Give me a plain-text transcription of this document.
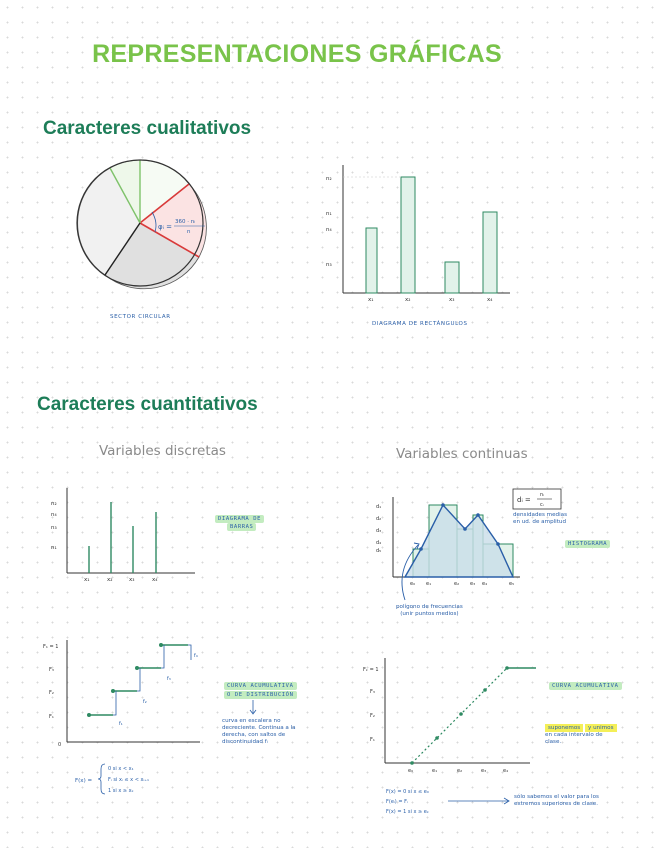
REPRESENTACIONES GRÁFICAS
Caracteres cualitativos
Caracteres cuantitativos
Variables discretas	Variables continuas
φᵢ =
360 · nᵢ
n
SECTOR CIRCULAR
n₂
n₁
n₄
n₃
x₁	x₂	x₃	x₄
DIAGRAMA DE RECTÁNGULOS
n₂
n₄
n₃
n₁
x₁	x₂	x₃	x₄
DIAGRAMA DE
BARRAS
d₁
d₂
d₃
d₄
d₅
e₀ e₁	e₂ e₃ e₄	e₅
dᵢ =
nᵢ
cᵢ
densidades medias
en ud. de amplitud
HISTOGRAMA
polígono de frecuencias
(unir puntos medios)
F₁ = 1
F₃
F₂
F₁
0
f₁
f₂
f₃
f₄
F(x) =
0 si x < x₁
Fᵢ si xᵢ ≤ x < xᵢ₊₁
1 si x ≥ xₖ
CURVA ACUMULATIVA
O DE DISTRIBUCIÓN
curva en escalera no
decreciente. Continua a la
derecha, con saltos de
discontinuidad fᵢ
Fₖ = 1
F₃
F₂
F₁
e₀	e₁	e₂	e₃	e₄
F(x) = 0 si x ≤ e₀
F(eᵢ) = Fᵢ
F(x) = 1 si x ≥ eₖ
CURVA ACUMULATIVA
suponemos y unimos
en cada intervalo de
clase.
sólo sabemos el valor para los
extremos superiores de clase.
